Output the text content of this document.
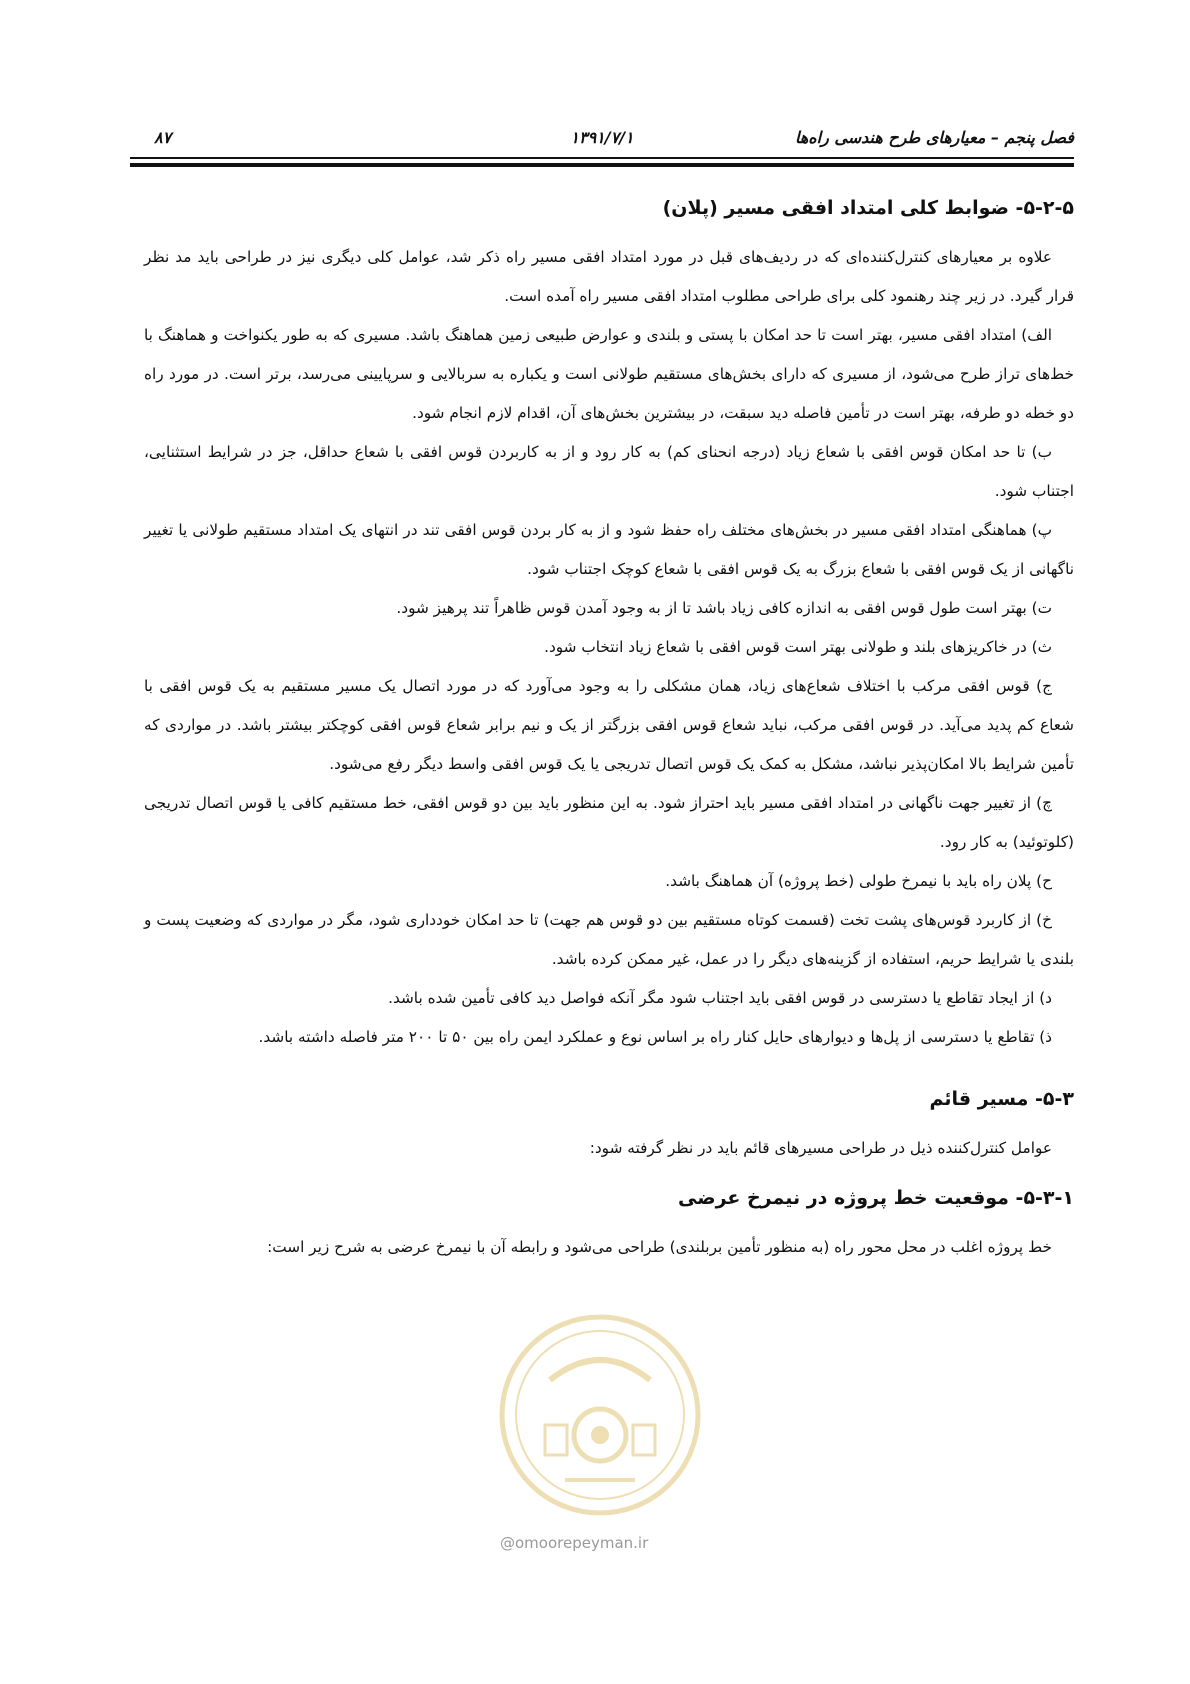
فصل پنجم – معیارهای طرح هندسی راه‌ها
۱۳۹۱/۷/۱
۸۷
۵-۲-۵- ضوابط کلی امتداد افقی مسیر (پلان)

علاوه بر معیارهای کنترل‌کننده‌ای که در ردیف‌های قبل در مورد امتداد افقی مسیر راه ذکر شد، عوامل کلی دیگری نیز در طراحی باید مد نظر قرار گیرد. در زیر چند رهنمود کلی برای طراحی مطلوب امتداد افقی مسیر راه آمده است.

الف) امتداد افقی مسیر، بهتر است تا حد امکان با پستی و بلندی و عوارض طبیعی زمین هماهنگ باشد. مسیری که به طور یکنواخت و هماهنگ با خط‌های تراز طرح می‌شود، از مسیری که دارای بخش‌های مستقیم طولانی است و یکباره به سربالایی و سرپایینی می‌رسد، برتر است. در مورد راه دو خطه دو طرفه، بهتر است در تأمین فاصله دید سبقت، در بیشترین بخش‌های آن، اقدام لازم انجام شود.

ب) تا حد امکان قوس افقی با شعاع زیاد (درجه انحنای کم) به کار رود و از به کاربردن قوس افقی با شعاع حداقل، جز در شرایط استثنایی، اجتناب شود.

پ) هماهنگی امتداد افقی مسیر در بخش‌های مختلف راه حفظ شود و از به کار بردن قوس افقی تند در انتهای یک امتداد مستقیم طولانی یا تغییر ناگهانی از یک قوس افقی با شعاع بزرگ به یک قوس افقی با شعاع کوچک اجتناب شود.

ت) بهتر است طول قوس افقی به اندازه کافی زیاد باشد تا از به وجود آمدن قوس ظاهراً تند پرهیز شود.

ث) در خاکریزهای بلند و طولانی بهتر است قوس افقی با شعاع زیاد انتخاب شود.

ج) قوس افقی مرکب با اختلاف شعاع‌های زیاد، همان مشکلی را به وجود می‌آورد که در مورد اتصال یک مسیر مستقیم به یک قوس افقی با شعاع کم پدید می‌آید. در قوس افقی مرکب، نباید شعاع قوس افقی بزرگتر از یک و نیم برابر شعاع قوس افقی کوچکتر بیشتر باشد. در مواردی که تأمین شرایط بالا امکان‌پذیر نباشد، مشکل به کمک یک قوس اتصال تدریجی یا یک قوس افقی واسط دیگر رفع می‌شود.

چ) از تغییر جهت ناگهانی در امتداد افقی مسیر باید احتراز شود. به این منظور باید بین دو قوس افقی، خط مستقیم کافی یا قوس اتصال تدریجی (کلوتوئید) به کار رود.

ح) پلان راه باید با نیمرخ طولی (خط پروژه) آن هماهنگ باشد.

خ) از کاربرد قوس‌های پشت تخت (قسمت کوتاه مستقیم بین دو قوس هم جهت) تا حد امکان خودداری شود، مگر در مواردی که وضعیت پست و بلندی یا شرایط حریم، استفاده از گزینه‌های دیگر را در عمل، غیر ممکن کرده باشد.

د) از ایجاد تقاطع یا دسترسی در قوس افقی باید اجتناب شود مگر آنکه فواصل دید کافی تأمین شده باشد.

ذ) تقاطع یا دسترسی از پل‌ها و دیوارهای حایل کنار راه بر اساس نوع و عملکرد ایمن راه بین ۵۰ تا ۲۰۰ متر فاصله داشته باشد.

۵-۳- مسیر قائم

عوامل کنترل‌کننده ذیل در طراحی مسیرهای قائم باید در نظر گرفته شود:

۵-۳-۱- موقعیت خط پروژه در نیمرخ عرضی

خط پروژه اغلب در محل محور راه (به منظور تأمین بربلندی) طراحی می‌شود و رابطه آن با نیمرخ عرضی به شرح زیر است:

@omoorepeyman.ir
